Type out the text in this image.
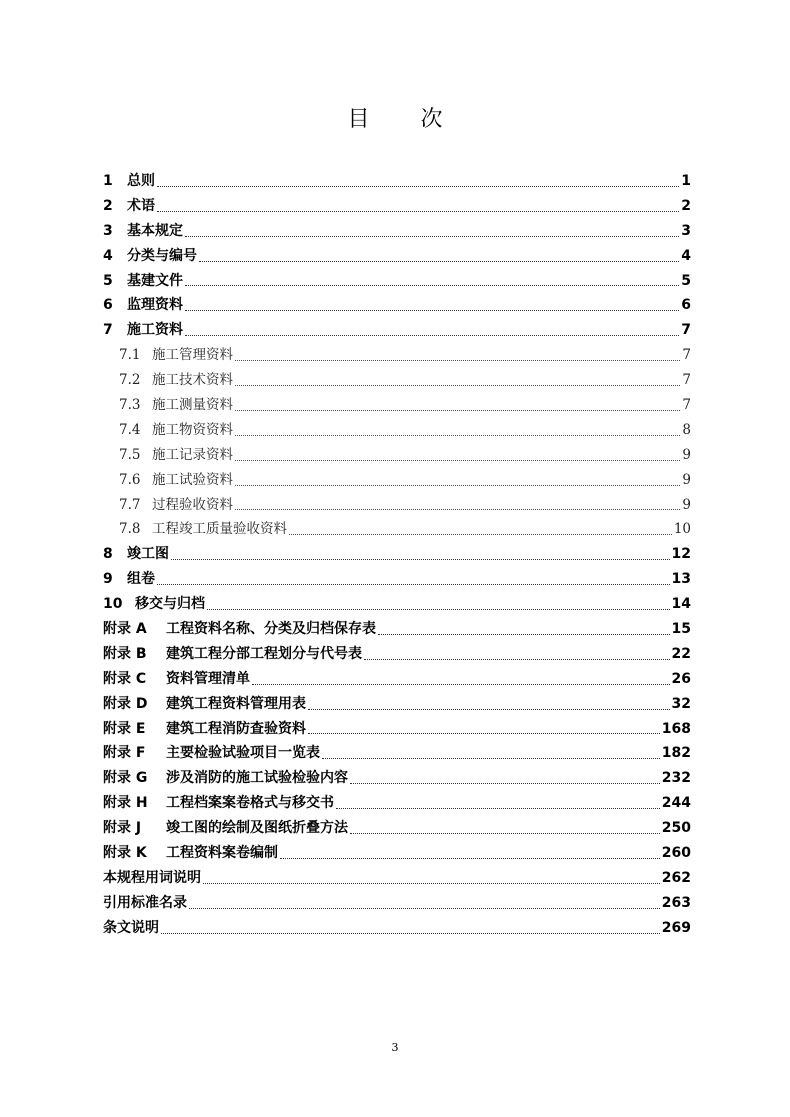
目 次
1	总则	1
2	术语	2
3	基本规定	3
4	分类与编号	4
5	基建文件	5
6	监理资料	6
7	施工资料	7
7.1 施工管理资料	7
7.2 施工技术资料	7
7.3 施工测量资料	7
7.4 施工物资资料	8
7.5 施工记录资料	9
7.6 施工试验资料	9
7.7 过程验收资料	9
7.8 工程竣工质量验收资料	10
8	竣工图	12
9	组卷	13
10 移交与归档	14
附录 A	工程资料名称、分类及归档保存表	15
附录 B	建筑工程分部工程划分与代号表	22
附录 C	资料管理清单	26
附录 D	建筑工程资料管理用表	32
附录 E	建筑工程消防查验资料	168
附录 F	主要检验试验项目一览表	182
附录 G	涉及消防的施工试验检验内容	232
附录 H	工程档案案卷格式与移交书	244
附录 J	竣工图的绘制及图纸折叠方法	250
附录 K	工程资料案卷编制	260
本规程用词说明	262
引用标准名录	263
条文说明	269
3
